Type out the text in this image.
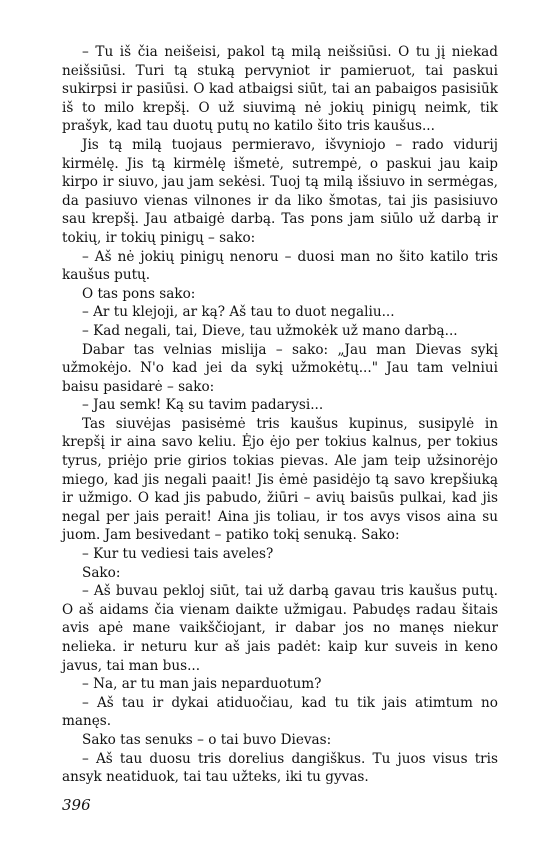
– Tu iš čia neišeisi, pakol tą milą neišsiūsi. O tu jį niekad neišsiūsi. Turi tą stuką pervyniot ir pamieruot, tai paskui sukirpsi ir pasiūsi. O kad atbaigsi siūt, tai an pabaigos pasisiūk iš to milo krepšį. O už siuvimą nė jokių pinigų neimk, tik prašyk, kad tau duotų putų no katilo šito tris kaušus...

Jis tą milą tuojaus permieravo, išvyniojo – rado vidurij kirmėlę. Jis tą kirmėlę išmetė, sutrempė, o paskui jau kaip kirpo ir siuvo, jau jam sekėsi. Tuoj tą milą išsiuvo in sermėgas, da pasiuvo vienas vilnones ir da liko šmotas, tai jis pasisiuvo sau krepšį. Jau atbaigė darbą. Tas pons jam siūlo už darbą ir tokių, ir tokių pinigų – sako:

– Aš nė jokių pinigų nenoru – duosi man no šito katilo tris kaušus putų.

O tas pons sako:

– Ar tu klejoji, ar ką? Aš tau to duot negaliu...

– Kad negali, tai, Dieve, tau užmokėk už mano darbą...

Dabar tas velnias mislija – sako: „Jau man Dievas sykį užmokėjo. N'o kad jei da sykį užmokėtų..." Jau tam velniui baisu pasidarė – sako:

– Jau semk! Ką su tavim padarysi...

Tas siuvėjas pasisėmė tris kaušus kupinus, susipylė in krepšį ir aina savo keliu. Ėjo ėjo per tokius kalnus, per tokius tyrus, priėjo prie girios tokias pievas. Ale jam teip užsinorėjo miego, kad jis negali paait! Jis ėmė pasidėjo tą savo krepšiuką ir užmigo. O kad jis pabudo, žiūri – avių baisūs pulkai, kad jis negal per jais perait! Aina jis toliau, ir tos avys visos aina su juom. Jam besivedant – patiko tokį senuką. Sako:

– Kur tu vediesi tais aveles?

Sako:

– Aš buvau pekloj siūt, tai už darbą gavau tris kaušus putų. O aš aidams čia vienam daikte užmigau. Pabudęs radau šitais avis apė mane vaikščiojant, ir dabar jos no manęs niekur neliekа. ir neturu kur aš jais padėt: kaip kur suveis in keno javus, tai man bus...

– Na, ar tu man jais neparduotum?

– Aš tau ir dykai atiduočiau, kad tu tik jais atimtum no manęs.

Sako tas senuks – o tai buvo Dievas:

– Aš tau duosu tris dorelius dangiškus. Tu juos visus tris ansyk neatiduok, tai tau užteks, iki tu gyvas.

396
